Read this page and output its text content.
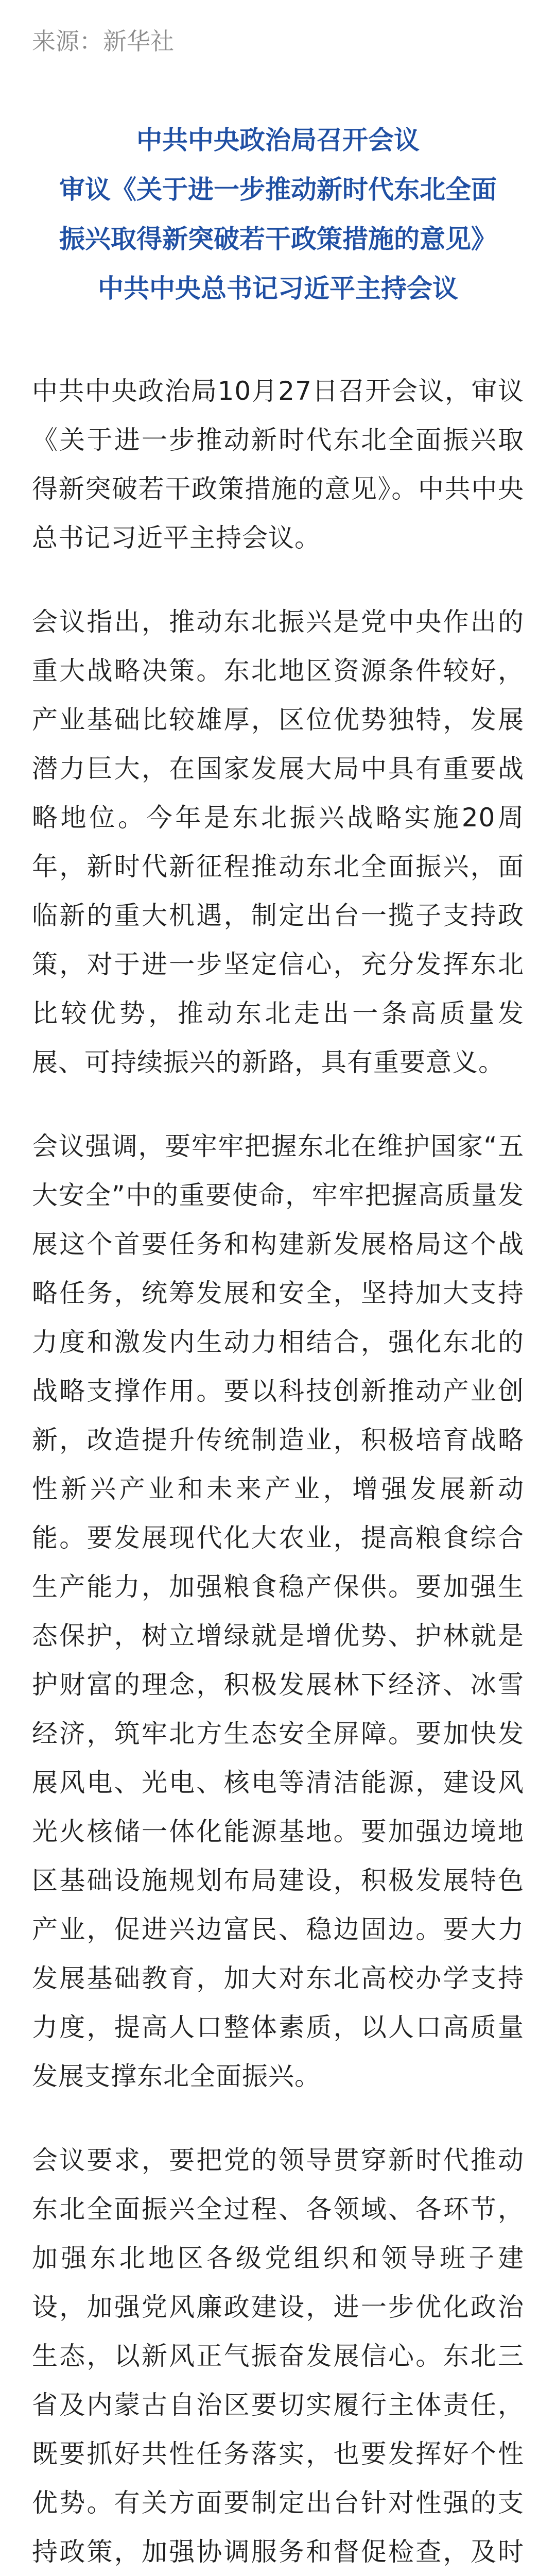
来源：新华社
中共中央政治局召开会议
审议《关于进一步推动新时代东北全面
振兴取得新突破若干政策措施的意见》
中共中央总书记习近平主持会议

中共中央政治局10月27日召开会议，审议《关于进一步推动新时代东北全面振兴取得新突破若干政策措施的意见》。中共中央总书记习近平主持会议。

会议指出，推动东北振兴是党中央作出的重大战略决策。东北地区资源条件较好，产业基础比较雄厚，区位优势独特，发展潜力巨大，在国家发展大局中具有重要战略地位。今年是东北振兴战略实施20周年，新时代新征程推动东北全面振兴，面临新的重大机遇，制定出台一揽子支持政策，对于进一步坚定信心，充分发挥东北比较优势，推动东北走出一条高质量发展、可持续振兴的新路，具有重要意义。

会议强调，要牢牢把握东北在维护国家“五大安全”中的重要使命，牢牢把握高质量发展这个首要任务和构建新发展格局这个战略任务，统筹发展和安全，坚持加大支持力度和激发内生动力相结合，强化东北的战略支撑作用。要以科技创新推动产业创新，改造提升传统制造业，积极培育战略性新兴产业和未来产业，增强发展新动能。要发展现代化大农业，提高粮食综合生产能力，加强粮食稳产保供。要加强生态保护，树立增绿就是增优势、护林就是护财富的理念，积极发展林下经济、冰雪经济，筑牢北方生态安全屏障。要加快发展风电、光电、核电等清洁能源，建设风光火核储一体化能源基地。要加强边境地区基础设施规划布局建设，积极发展特色产业，促进兴边富民、稳边固边。要大力发展基础教育，加大对东北高校办学支持力度，提高人口整体素质，以人口高质量发展支撑东北全面振兴。

会议要求，要把党的领导贯穿新时代推动东北全面振兴全过程、各领域、各环节，加强东北地区各级党组织和领导班子建设，加强党风廉政建设，进一步优化政治生态，以新风正气振奋发展信心。东北三省及内蒙古自治区要切实履行主体责任，既要抓好共性任务落实，也要发挥好个性优势。有关方面要制定出台针对性强的支持政策，加强协调服务和督促检查，及时
